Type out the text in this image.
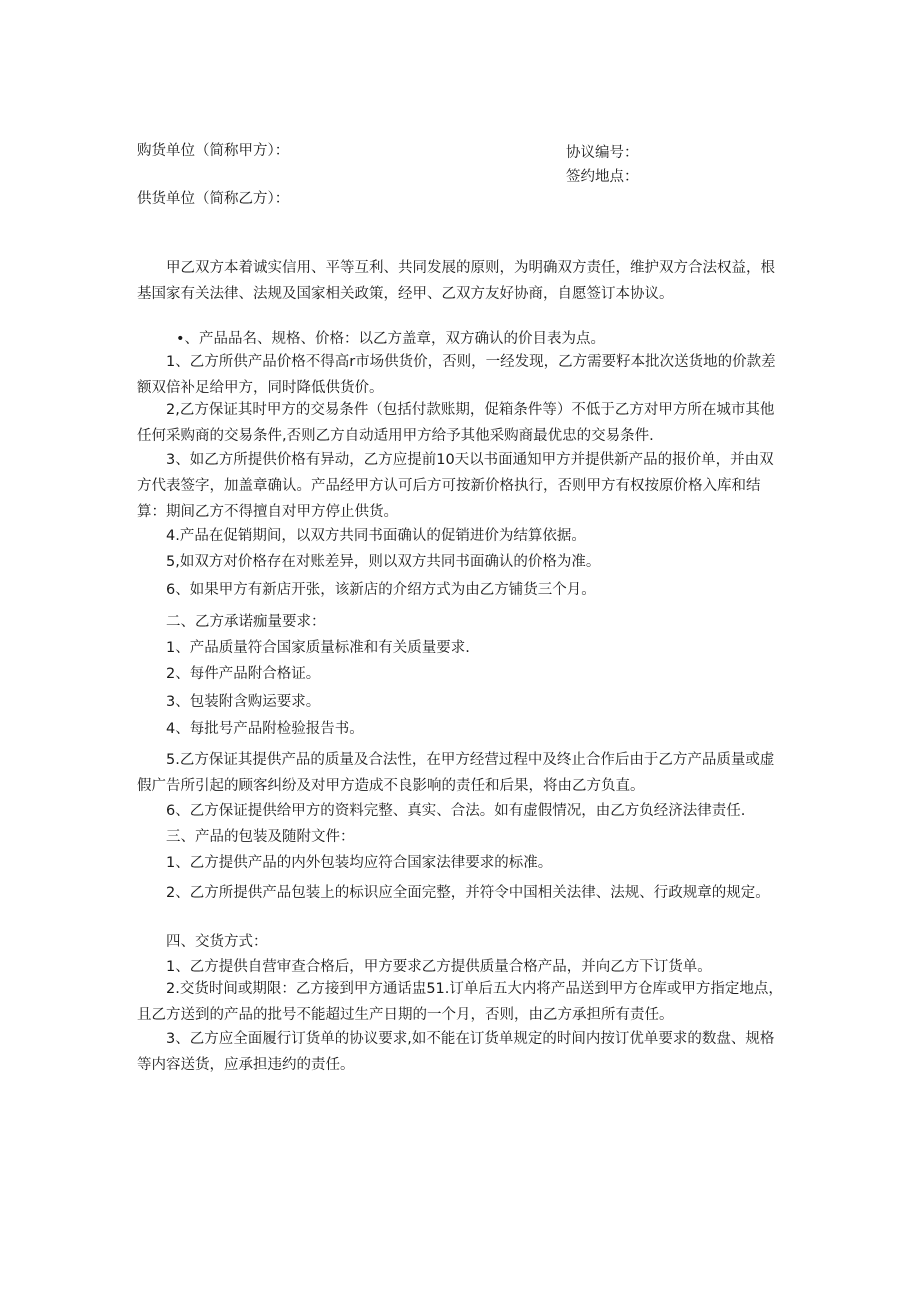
购货单位（简称甲方）：	协议编号：
签约地点：
供货单位（简称乙方）：

甲乙双方本着诚实信用、平等互利、共同发展的原则，为明确双方责任，维护双方合法权益，根基国家有关法律、法规及国家相关政策，经甲、乙双方友好协商，自愿签订本协议。

•、产品品名、规格、价格：以乙方盖章，双方确认的价目表为点。

1、乙方所供产品价格不得高r市场供货价，否则，一经发现，乙方需要籽本批次送货地的价款差额双倍补足给甲方，同时降低供货价。

2,乙方保证其时甲方的交易条件（包括付款账期，促箱条件等）不低于乙方对甲方所在城市其他任何采购商的交易条件,否则乙方自动适用甲方给予其他采购商最优忠的交易条件.

3、如乙方所提供价格有异动，乙方应提前10天以书面通知甲方并提供新产品的报价单，并由双方代表签字，加盖章确认。产品经甲方认可后方可按新价格执行，否则甲方有权按原价格入库和结算：期间乙方不得擅自对甲方停止供货。

4.产品在促销期间，以双方共同书面确认的促销进价为结算依据。
5,如双方对价格存在对账差异，则以双方共同书面确认的价格为准。
6、如果甲方有新店开张，该新店的介绍方式为由乙方铺货三个月。
二、乙方承诺痂量要求：
1、产品质量符合国家质量标准和有关质量要求.
2、每件产品附合格证。
3、包装附含购运要求。
4、每批号产品附检验报告书。

5.乙方保证其提供产品的质量及合法性，在甲方经营过程中及终止合作后由于乙方产品质量或虚假广告所引起的顾客纠纷及对甲方造成不良影响的责任和后果，将由乙方负直。

6、乙方保证提供给甲方的资料完整、真实、合法。如有虚假情况，由乙方负经济法律责任.
三、产品的包装及随附文件：
1、乙方提供产品的内外包装均应符合国家法律要求的标准。

2、乙方所提供产品包装上的标识应全面完整，并符令中国相关法律、法规、行政规章的规定。

四、交货方式：
1、乙方提供自营审查合格后，甲方要求乙方提供质量合格产品，并向乙方下订货单。

2.交货时间或期限：乙方接到甲方通话盅51.订单后五大内将产品送到甲方仓库或甲方指定地点，且乙方送到的产品的批号不能超过生产日期的一个月，否则，由乙方承担所有责任。

3、乙方应全面履行订货单的协议要求,如不能在订货单规定的时间内按订优单要求的数盘、规格等内容送货，应承担违约的责任。
